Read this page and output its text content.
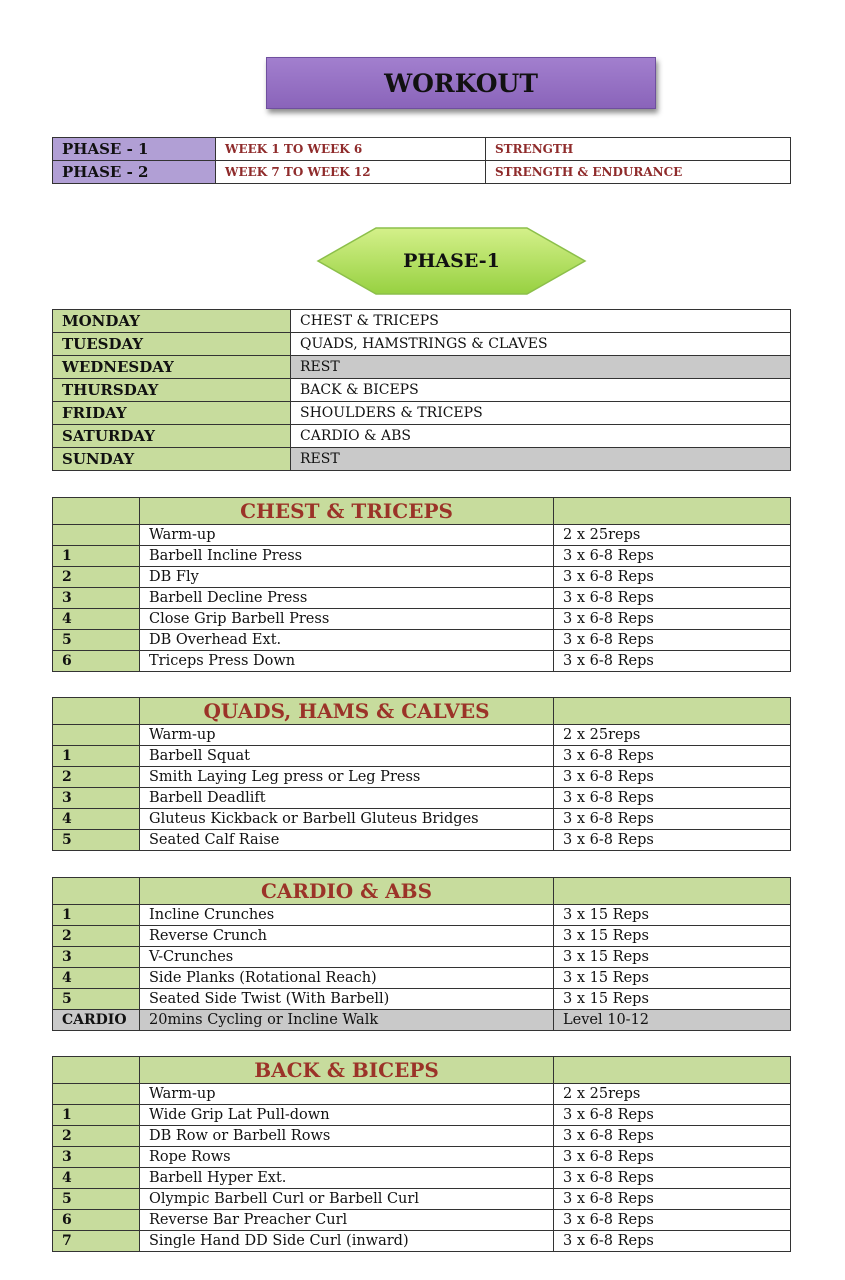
WORKOUT
PHASE - 1	WEEK 1 TO WEEK 6	STRENGTH
PHASE - 2	WEEK 7 TO WEEK 12	STRENGTH & ENDURANCE
PHASE-1
MONDAY	CHEST & TRICEPS
TUESDAY	QUADS, HAMSTRINGS & CLAVES
WEDNESDAY	REST
THURSDAY	BACK & BICEPS
FRIDAY	SHOULDERS & TRICEPS
SATURDAY	CARDIO & ABS
SUNDAY	REST
	CHEST & TRICEPS	
	Warm-up	2 x 25reps
1	Barbell Incline Press	3 x 6-8 Reps
2	DB Fly	3 x 6-8 Reps
3	Barbell Decline Press	3 x 6-8 Reps
4	Close Grip Barbell Press	3 x 6-8 Reps
5	DB Overhead Ext.	3 x 6-8 Reps
6	Triceps Press Down	3 x 6-8 Reps
	QUADS, HAMS & CALVES	
	Warm-up	2 x 25reps
1	Barbell Squat	3 x 6-8 Reps
2	Smith Laying Leg press or Leg Press	3 x 6-8 Reps
3	Barbell Deadlift	3 x 6-8 Reps
4	Gluteus Kickback or Barbell Gluteus Bridges	3 x 6-8 Reps
5	Seated Calf Raise	3 x 6-8 Reps
	CARDIO & ABS	
1	Incline Crunches	3 x 15 Reps
2	Reverse Crunch	3 x 15 Reps
3	V-Crunches	3 x 15 Reps
4	Side Planks (Rotational Reach)	3 x 15 Reps
5	Seated Side Twist (With Barbell)	3 x 15 Reps
CARDIO	20mins Cycling or Incline Walk	Level 10-12
	BACK & BICEPS	
	Warm-up	2 x 25reps
1	Wide Grip Lat Pull-down	3 x 6-8 Reps
2	DB Row or Barbell Rows	3 x 6-8 Reps
3	Rope Rows	3 x 6-8 Reps
4	Barbell Hyper Ext.	3 x 6-8 Reps
5	Olympic Barbell Curl or Barbell Curl	3 x 6-8 Reps
6	Reverse Bar Preacher Curl	3 x 6-8 Reps
7	Single Hand DD Side Curl (inward)	3 x 6-8 Reps
